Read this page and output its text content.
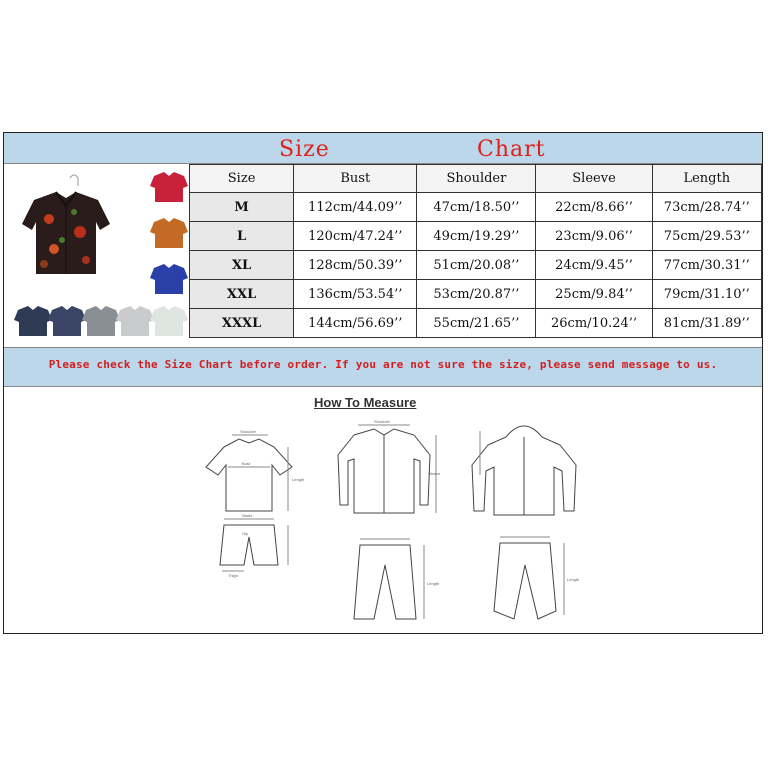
Size	Chart
Size	Bust	Shoulder	Sleeve	Length
M	112cm/44.09’’	47cm/18.50’’	22cm/8.66’’	73cm/28.74’’
L	120cm/47.24’’	49cm/19.29’’	23cm/9.06’’	75cm/29.53’’
XL	128cm/50.39’’	51cm/20.08’’	24cm/9.45’’	77cm/30.31’’
XXL	136cm/53.54’’	53cm/20.87’’	25cm/9.84’’	79cm/31.10’’
XXXL	144cm/56.69’’	55cm/21.65’’	26cm/10.24’’	81cm/31.89’’
Please check the Size Chart before order. If you are not sure the size, please send message to us.
How To Measure
Shoulder
Bust
Length
Waist
Hip
Thigh
Shoulder
Sleeve
Length
Length
